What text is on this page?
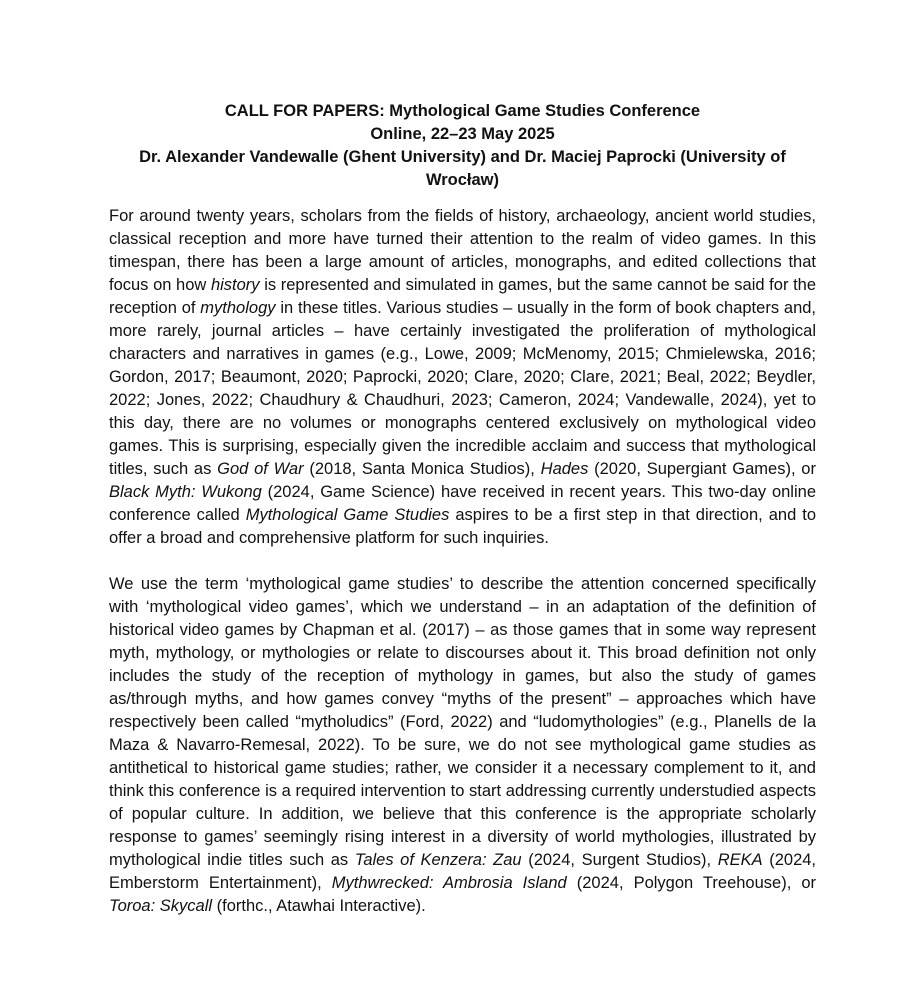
CALL FOR PAPERS: Mythological Game Studies Conference
Online, 22–23 May 2025
Dr. Alexander Vandewalle (Ghent University) and Dr. Maciej Paprocki (University of Wrocław)

For around twenty years, scholars from the fields of history, archaeology, ancient world studies, classical reception and more have turned their attention to the realm of video games. In this timespan, there has been a large amount of articles, monographs, and edited collections that focus on how history is represented and simulated in games, but the same cannot be said for the reception of mythology in these titles. Various studies – usually in the form of book chapters and, more rarely, journal articles – have certainly investigated the proliferation of mythological characters and narratives in games (e.g., Lowe, 2009; McMenomy, 2015; Chmielewska, 2016; Gordon, 2017; Beaumont, 2020; Paprocki, 2020; Clare, 2020; Clare, 2021; Beal, 2022; Beydler, 2022; Jones, 2022; Chaudhury & Chaudhuri, 2023; Cameron, 2024; Vandewalle, 2024), yet to this day, there are no volumes or monographs centered exclusively on mythological video games. This is surprising, especially given the incredible acclaim and success that mythological titles, such as God of War (2018, Santa Monica Studios), Hades (2020, Supergiant Games), or Black Myth: Wukong (2024, Game Science) have received in recent years. This two-day online conference called Mythological Game Studies aspires to be a first step in that direction, and to offer a broad and comprehensive platform for such inquiries.

We use the term ‘mythological game studies’ to describe the attention concerned specifically with ‘mythological video games’, which we understand – in an adaptation of the definition of historical video games by Chapman et al. (2017) – as those games that in some way represent myth, mythology, or mythologies or relate to discourses about it. This broad definition not only includes the study of the reception of mythology in games, but also the study of games as/through myths, and how games convey “myths of the present” – approaches which have respectively been called “mytholudics” (Ford, 2022) and “ludomythologies” (e.g., Planells de la Maza & Navarro-Remesal, 2022). To be sure, we do not see mythological game studies as antithetical to historical game studies; rather, we consider it a necessary complement to it, and think this conference is a required intervention to start addressing currently understudied aspects of popular culture. In addition, we believe that this conference is the appropriate scholarly response to games’ seemingly rising interest in a diversity of world mythologies, illustrated by mythological indie titles such as Tales of Kenzera: Zau (2024, Surgent Studios), REKA (2024, Emberstorm Entertainment), Mythwrecked: Ambrosia Island (2024, Polygon Treehouse), or Toroa: Skycall (forthc., Atawhai Interactive).
